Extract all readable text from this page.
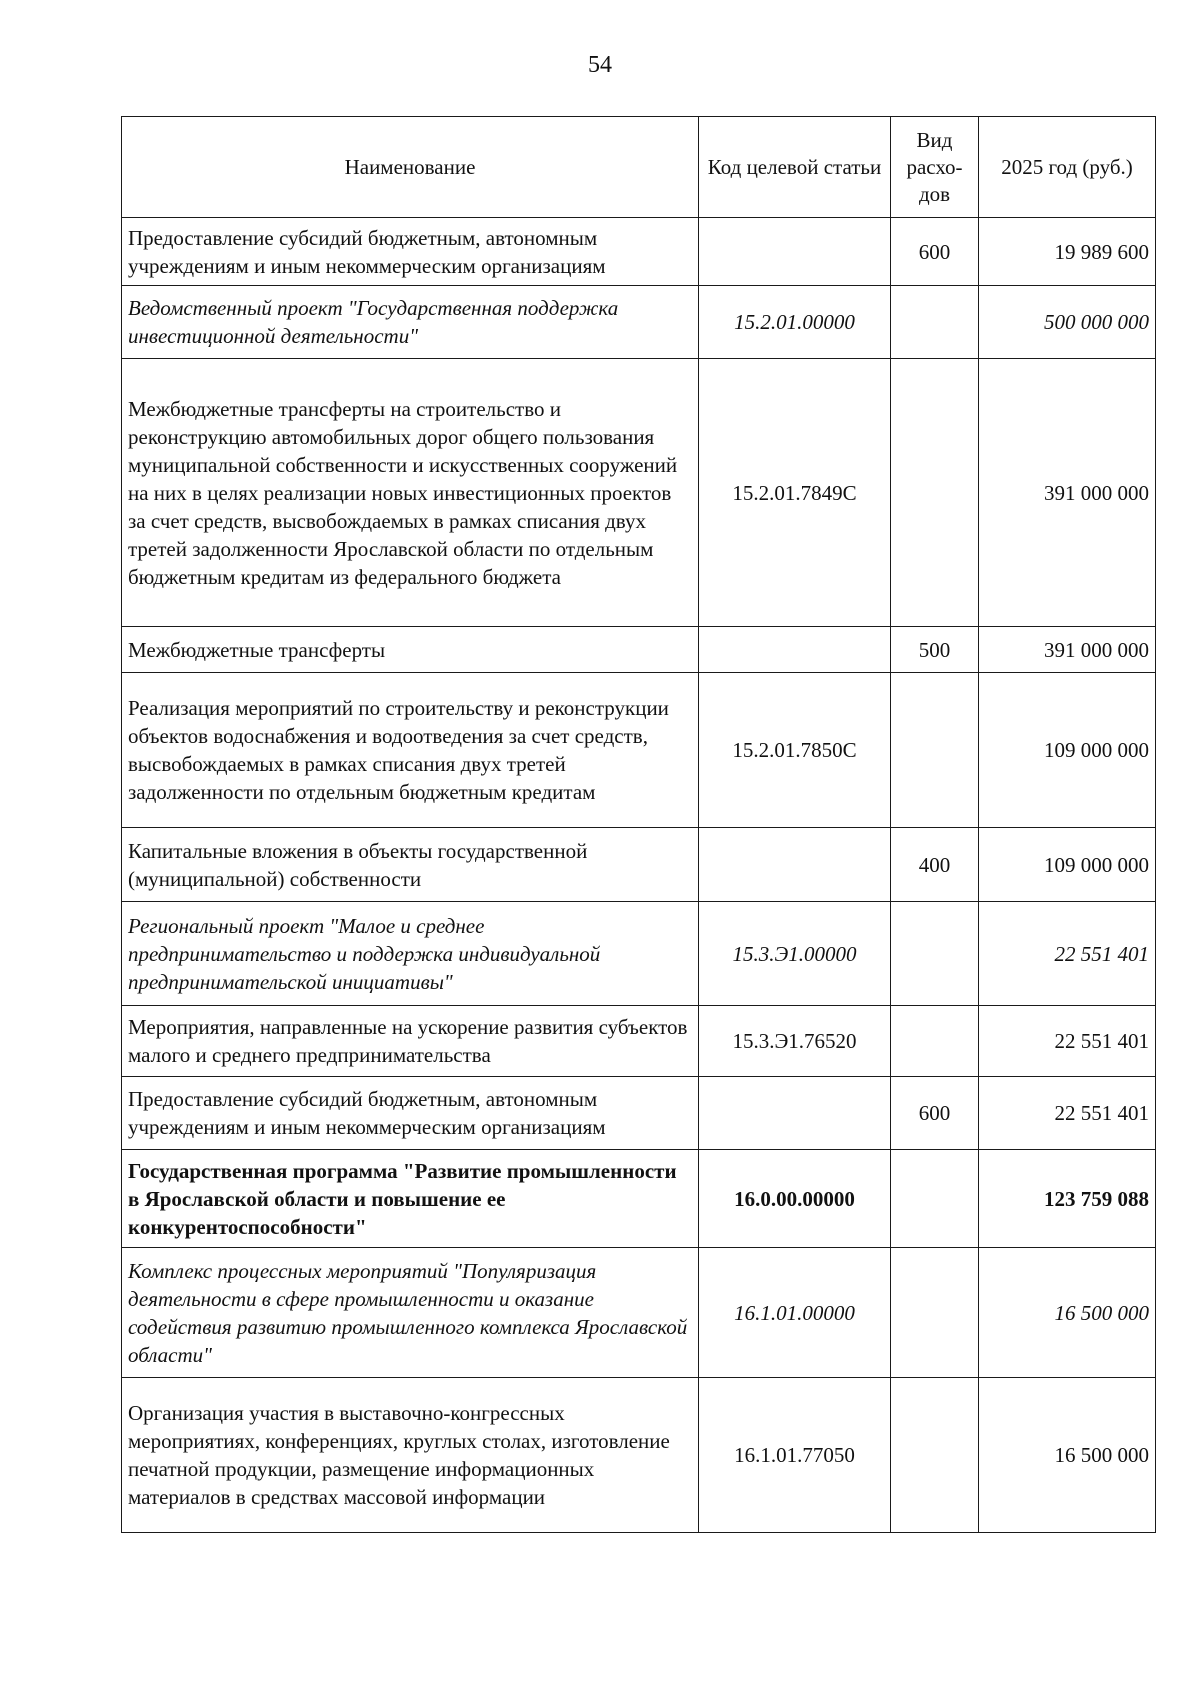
54
Наименование	Код целевой статьи	Вид расхо-дов	2025 год (руб.)
Предоставление субсидий бюджетным, автономным учреждениям и иным некоммерческим организациям		600	19 989 600
Ведомственный проект "Государственная поддержка инвестиционной деятельности"	15.2.01.00000		500 000 000
Межбюджетные трансферты на строительство и реконструкцию автомобильных дорог общего пользования муниципальной собственности и искусственных сооружений на них в целях реализации новых инвестиционных проектов за счет средств, высвобождаемых в рамках списания двух третей задолженности Ярославской области по отдельным бюджетным кредитам из федерального бюджета	15.2.01.7849С		391 000 000
Межбюджетные трансферты		500	391 000 000
Реализация мероприятий по строительству и реконструкции объектов водоснабжения и водоотведения за счет средств, высвобождаемых в рамках списания двух третей задолженности по отдельным бюджетным кредитам	15.2.01.7850С		109 000 000
Капитальные вложения в объекты государственной (муниципальной) собственности		400	109 000 000
Региональный проект "Малое и среднее предпринимательство и поддержка индивидуальной предпринимательской инициативы"	15.3.Э1.00000		22 551 401
Мероприятия, направленные на ускорение развития субъектов малого и среднего предпринимательства	15.3.Э1.76520		22 551 401
Предоставление субсидий бюджетным, автономным учреждениям и иным некоммерческим организациям		600	22 551 401
Государственная программа "Развитие промышленности в Ярославской области и повышение ее конкурентоспособности"	16.0.00.00000		123 759 088
Комплекс процессных мероприятий "Популяризация деятельности в сфере промышленности и оказание содействия развитию промышленного комплекса Ярославской области"	16.1.01.00000		16 500 000
Организация участия в выставочно-конгрессных мероприятиях, конференциях, круглых столах, изготовление печатной продукции, размещение информационных материалов в средствах массовой информации	16.1.01.77050		16 500 000
